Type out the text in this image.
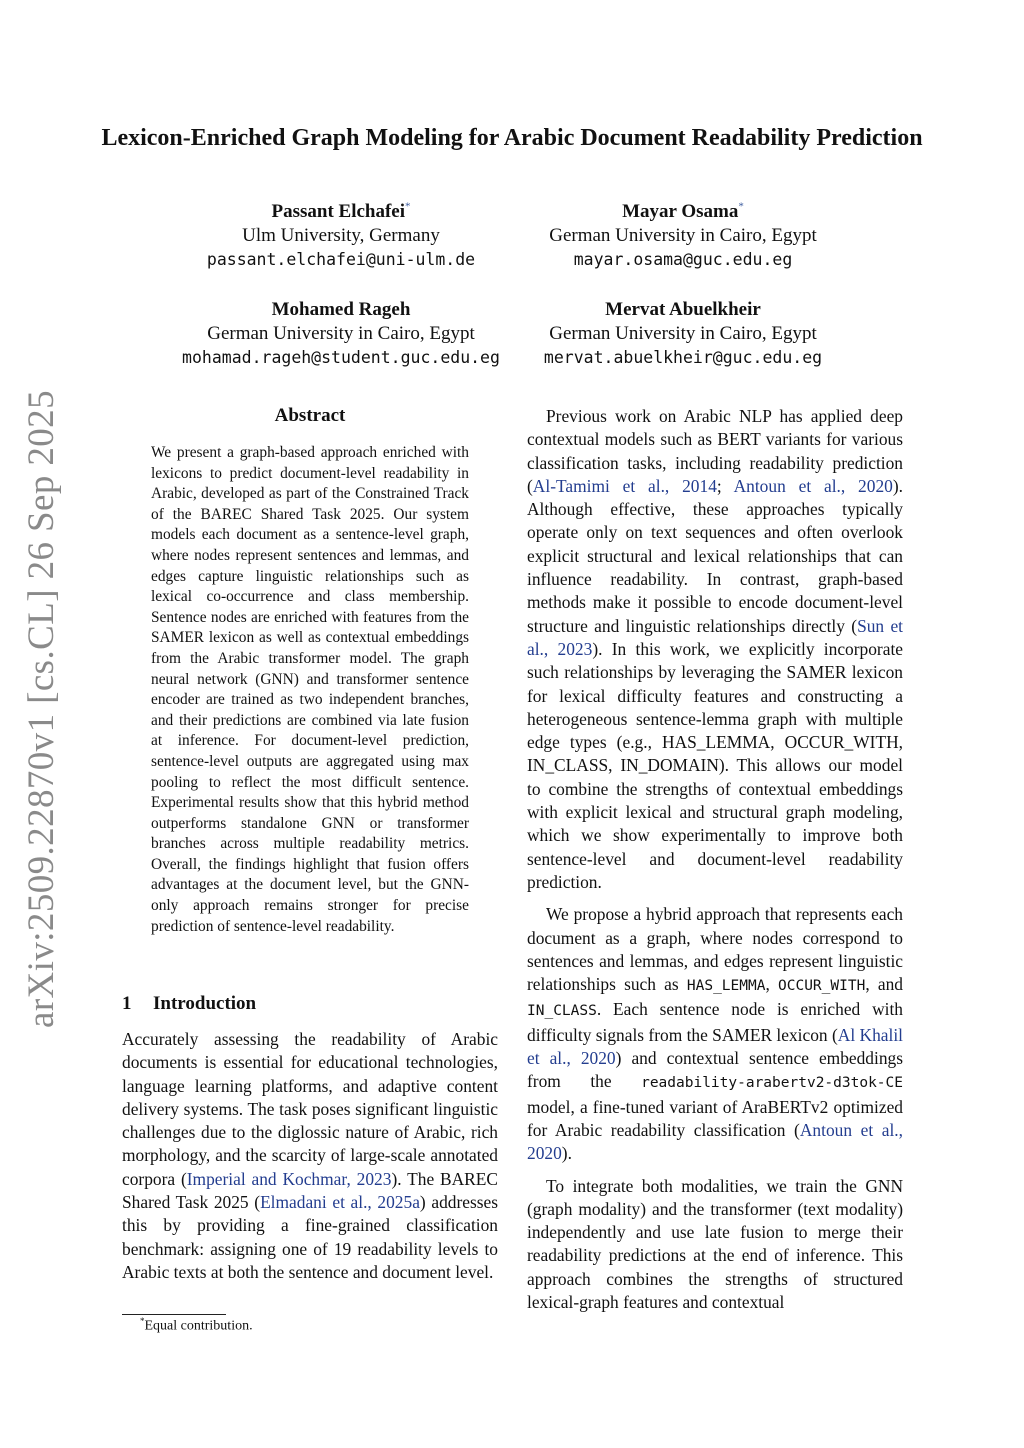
arXiv:2509.22870v1 [cs.CL] 26 Sep 2025
Lexicon-Enriched Graph Modeling for Arabic Document Readability Prediction
Passant Elchafei*
Ulm University, Germany
passant.elchafei@uni-ulm.de
Mayar Osama*
German University in Cairo, Egypt
mayar.osama@guc.edu.eg
Mohamed Rageh
German University in Cairo, Egypt
mohamad.rageh@student.guc.edu.eg
Mervat Abuelkheir
German University in Cairo, Egypt
mervat.abuelkheir@guc.edu.eg
Abstract
We present a graph-based approach enriched with lexicons to predict document-level readability in Arabic, developed as part of the Constrained Track of the BAREC Shared Task 2025. Our system models each document as a sentence-level graph, where nodes represent sentences and lemmas, and edges capture linguistic relationships such as lexical co-occurrence and class membership. Sentence nodes are enriched with features from the SAMER lexicon as well as contextual embeddings from the Arabic transformer model. The graph neural network (GNN) and transformer sentence encoder are trained as two independent branches, and their predictions are combined via late fusion at inference. For document-level prediction, sentence-level outputs are aggregated using max pooling to reflect the most difficult sentence. Experimental results show that this hybrid method outperforms standalone GNN or transformer branches across multiple readability metrics. Overall, the findings highlight that fusion offers advantages at the document level, but the GNN-only approach remains stronger for precise prediction of sentence-level readability.
1 Introduction

Accurately assessing the readability of Arabic documents is essential for educational technologies, language learning platforms, and adaptive content delivery systems. The task poses significant linguistic challenges due to the diglossic nature of Arabic, rich morphology, and the scarcity of large-scale annotated corpora (Imperial and Kochmar, 2023). The BAREC Shared Task 2025 (Elmadani et al., 2025a) addresses this by providing a fine-grained classification benchmark: assigning one of 19 readability levels to Arabic texts at both the sentence and document level.

*Equal contribution.

Previous work on Arabic NLP has applied deep contextual models such as BERT variants for various classification tasks, including readability prediction (Al-Tamimi et al., 2014; Antoun et al., 2020). Although effective, these approaches typically operate only on text sequences and often overlook explicit structural and lexical relationships that can influence readability. In contrast, graph-based methods make it possible to encode document-level structure and linguistic relationships directly (Sun et al., 2023). In this work, we explicitly incorporate such relationships by leveraging the SAMER lexicon for lexical difficulty features and constructing a heterogeneous sentence-lemma graph with multiple edge types (e.g., HAS_LEMMA, OCCUR_WITH, IN_CLASS, IN_DOMAIN). This allows our model to combine the strengths of contextual embeddings with explicit lexical and structural graph modeling, which we show experimentally to improve both sentence-level and document-level readability prediction.

We propose a hybrid approach that represents each document as a graph, where nodes correspond to sentences and lemmas, and edges represent linguistic relationships such as HAS_LEMMA, OCCUR_WITH, and IN_CLASS. Each sentence node is enriched with difficulty signals from the SAMER lexicon (Al Khalil et al., 2020) and contextual sentence embeddings from the readability-arabertv2-d3tok-CE model, a fine-tuned variant of AraBERTv2 optimized for Arabic readability classification (Antoun et al., 2020).

To integrate both modalities, we train the GNN (graph modality) and the transformer (text modality) independently and use late fusion to merge their readability predictions at the end of inference. This approach combines the strengths of structured lexical-graph features and contextual
